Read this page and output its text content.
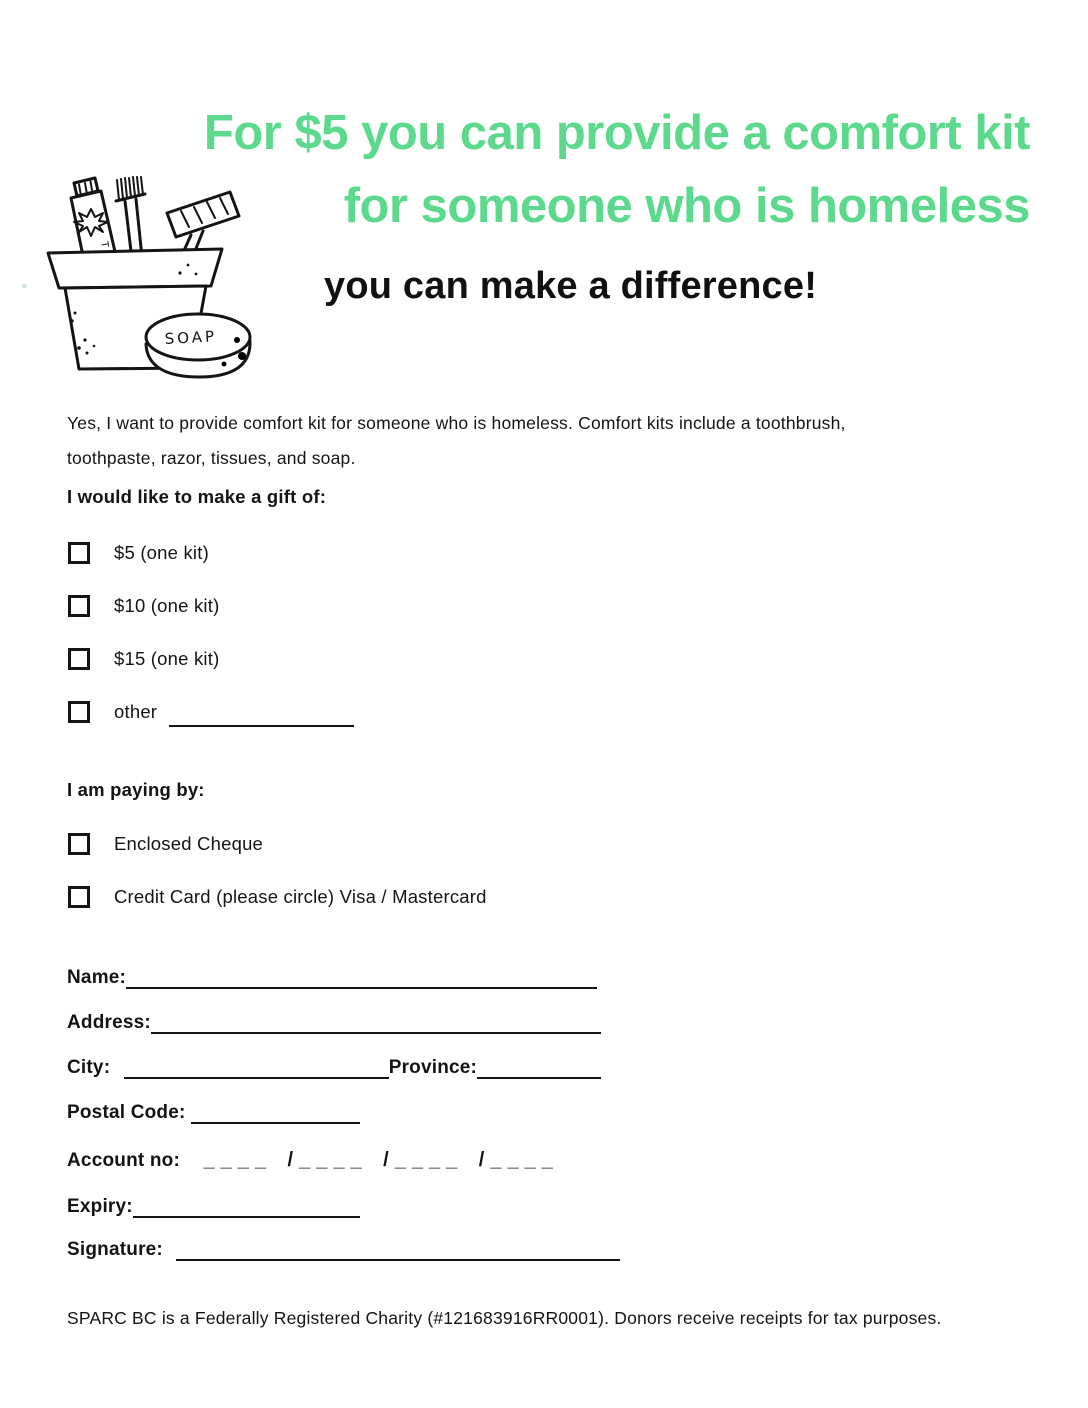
For $5 you can provide a comfort kit
for someone who is homeless
you can make a difference!
SOAP

Yes, I want to provide comfort kit for someone who is homeless. Comfort kits include a toothbrush, toothpaste, razor, tissues, and soap.

I would like to make a gift of:
$5 (one kit)
$10 (one kit)
$15 (one kit)
other
I am paying by:
Enclosed Cheque
Credit Card (please circle) Visa / Mastercard
Name:
Address:
City:	Province:
Postal Code:
Account no: ____ /____ /____ /____
Expiry:
Signature:

SPARC BC is a Federally Registered Charity (#121683916RR0001). Donors receive receipts for tax purposes.
